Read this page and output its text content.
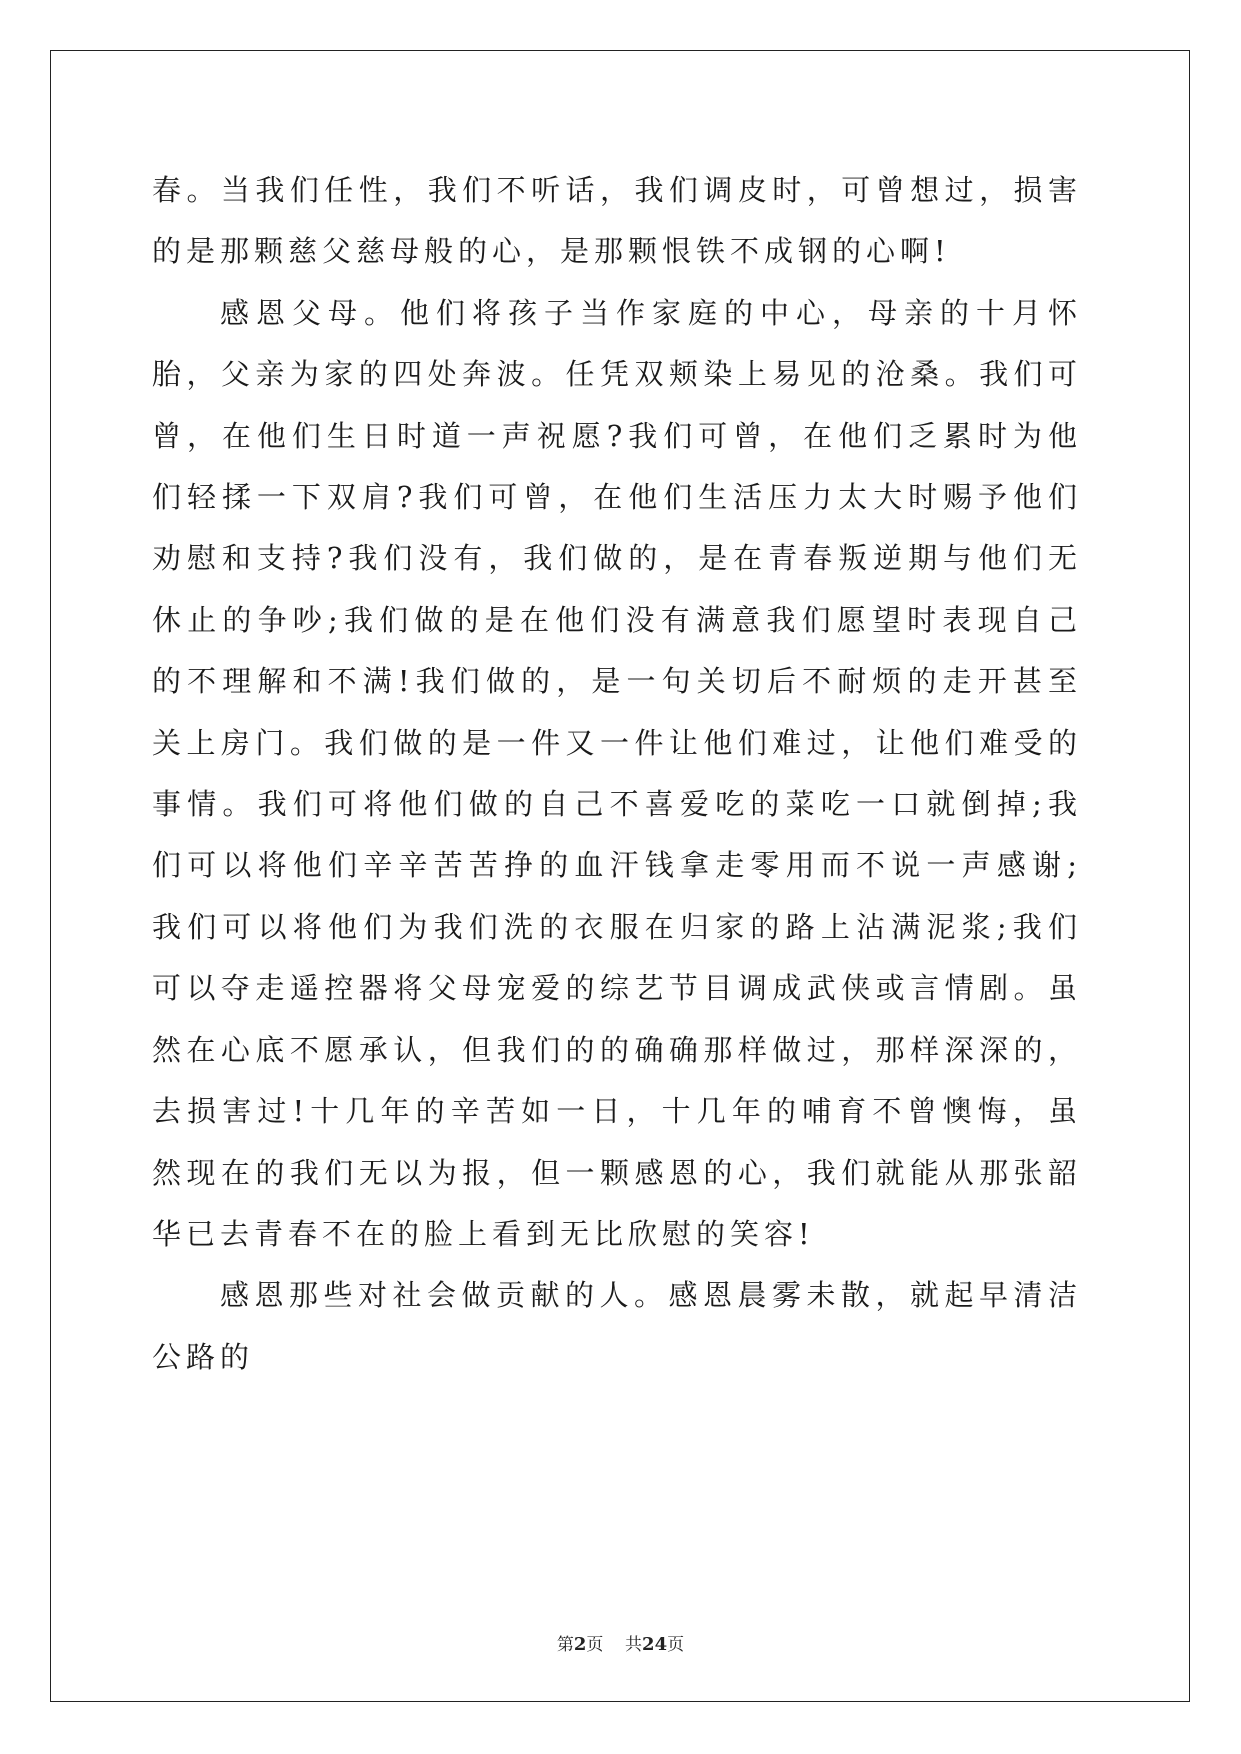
春。当我们任性，我们不听话，我们调皮时，可曾想过，损害的是那颗慈父慈母般的心，是那颗恨铁不成钢的心啊!

感恩父母。他们将孩子当作家庭的中心，母亲的十月怀胎，父亲为家的四处奔波。任凭双颊染上易见的沧桑。我们可曾，在他们生日时道一声祝愿?我们可曾，在他们乏累时为他们轻揉一下双肩?我们可曾，在他们生活压力太大时赐予他们劝慰和支持?我们没有，我们做的，是在青春叛逆期与他们无休止的争吵;我们做的是在他们没有满意我们愿望时表现自己的不理解和不满!我们做的，是一句关切后不耐烦的走开甚至关上房门。我们做的是一件又一件让他们难过，让他们难受的事情。我们可将他们做的自己不喜爱吃的菜吃一口就倒掉;我们可以将他们辛辛苦苦挣的血汗钱拿走零用而不说一声感谢;我们可以将他们为我们洗的衣服在归家的路上沾满泥浆;我们可以夺走遥控器将父母宠爱的综艺节目调成武侠或言情剧。虽然在心底不愿承认，但我们的的确确那样做过，那样深深的，去损害过!十几年的辛苦如一日，十几年的哺育不曾懊悔，虽然现在的我们无以为报，但一颗感恩的心，我们就能从那张韶华已去青春不在的脸上看到无比欣慰的笑容!

感恩那些对社会做贡献的人。感恩晨雾未散，就起早清洁公路的

第2页 共24页
